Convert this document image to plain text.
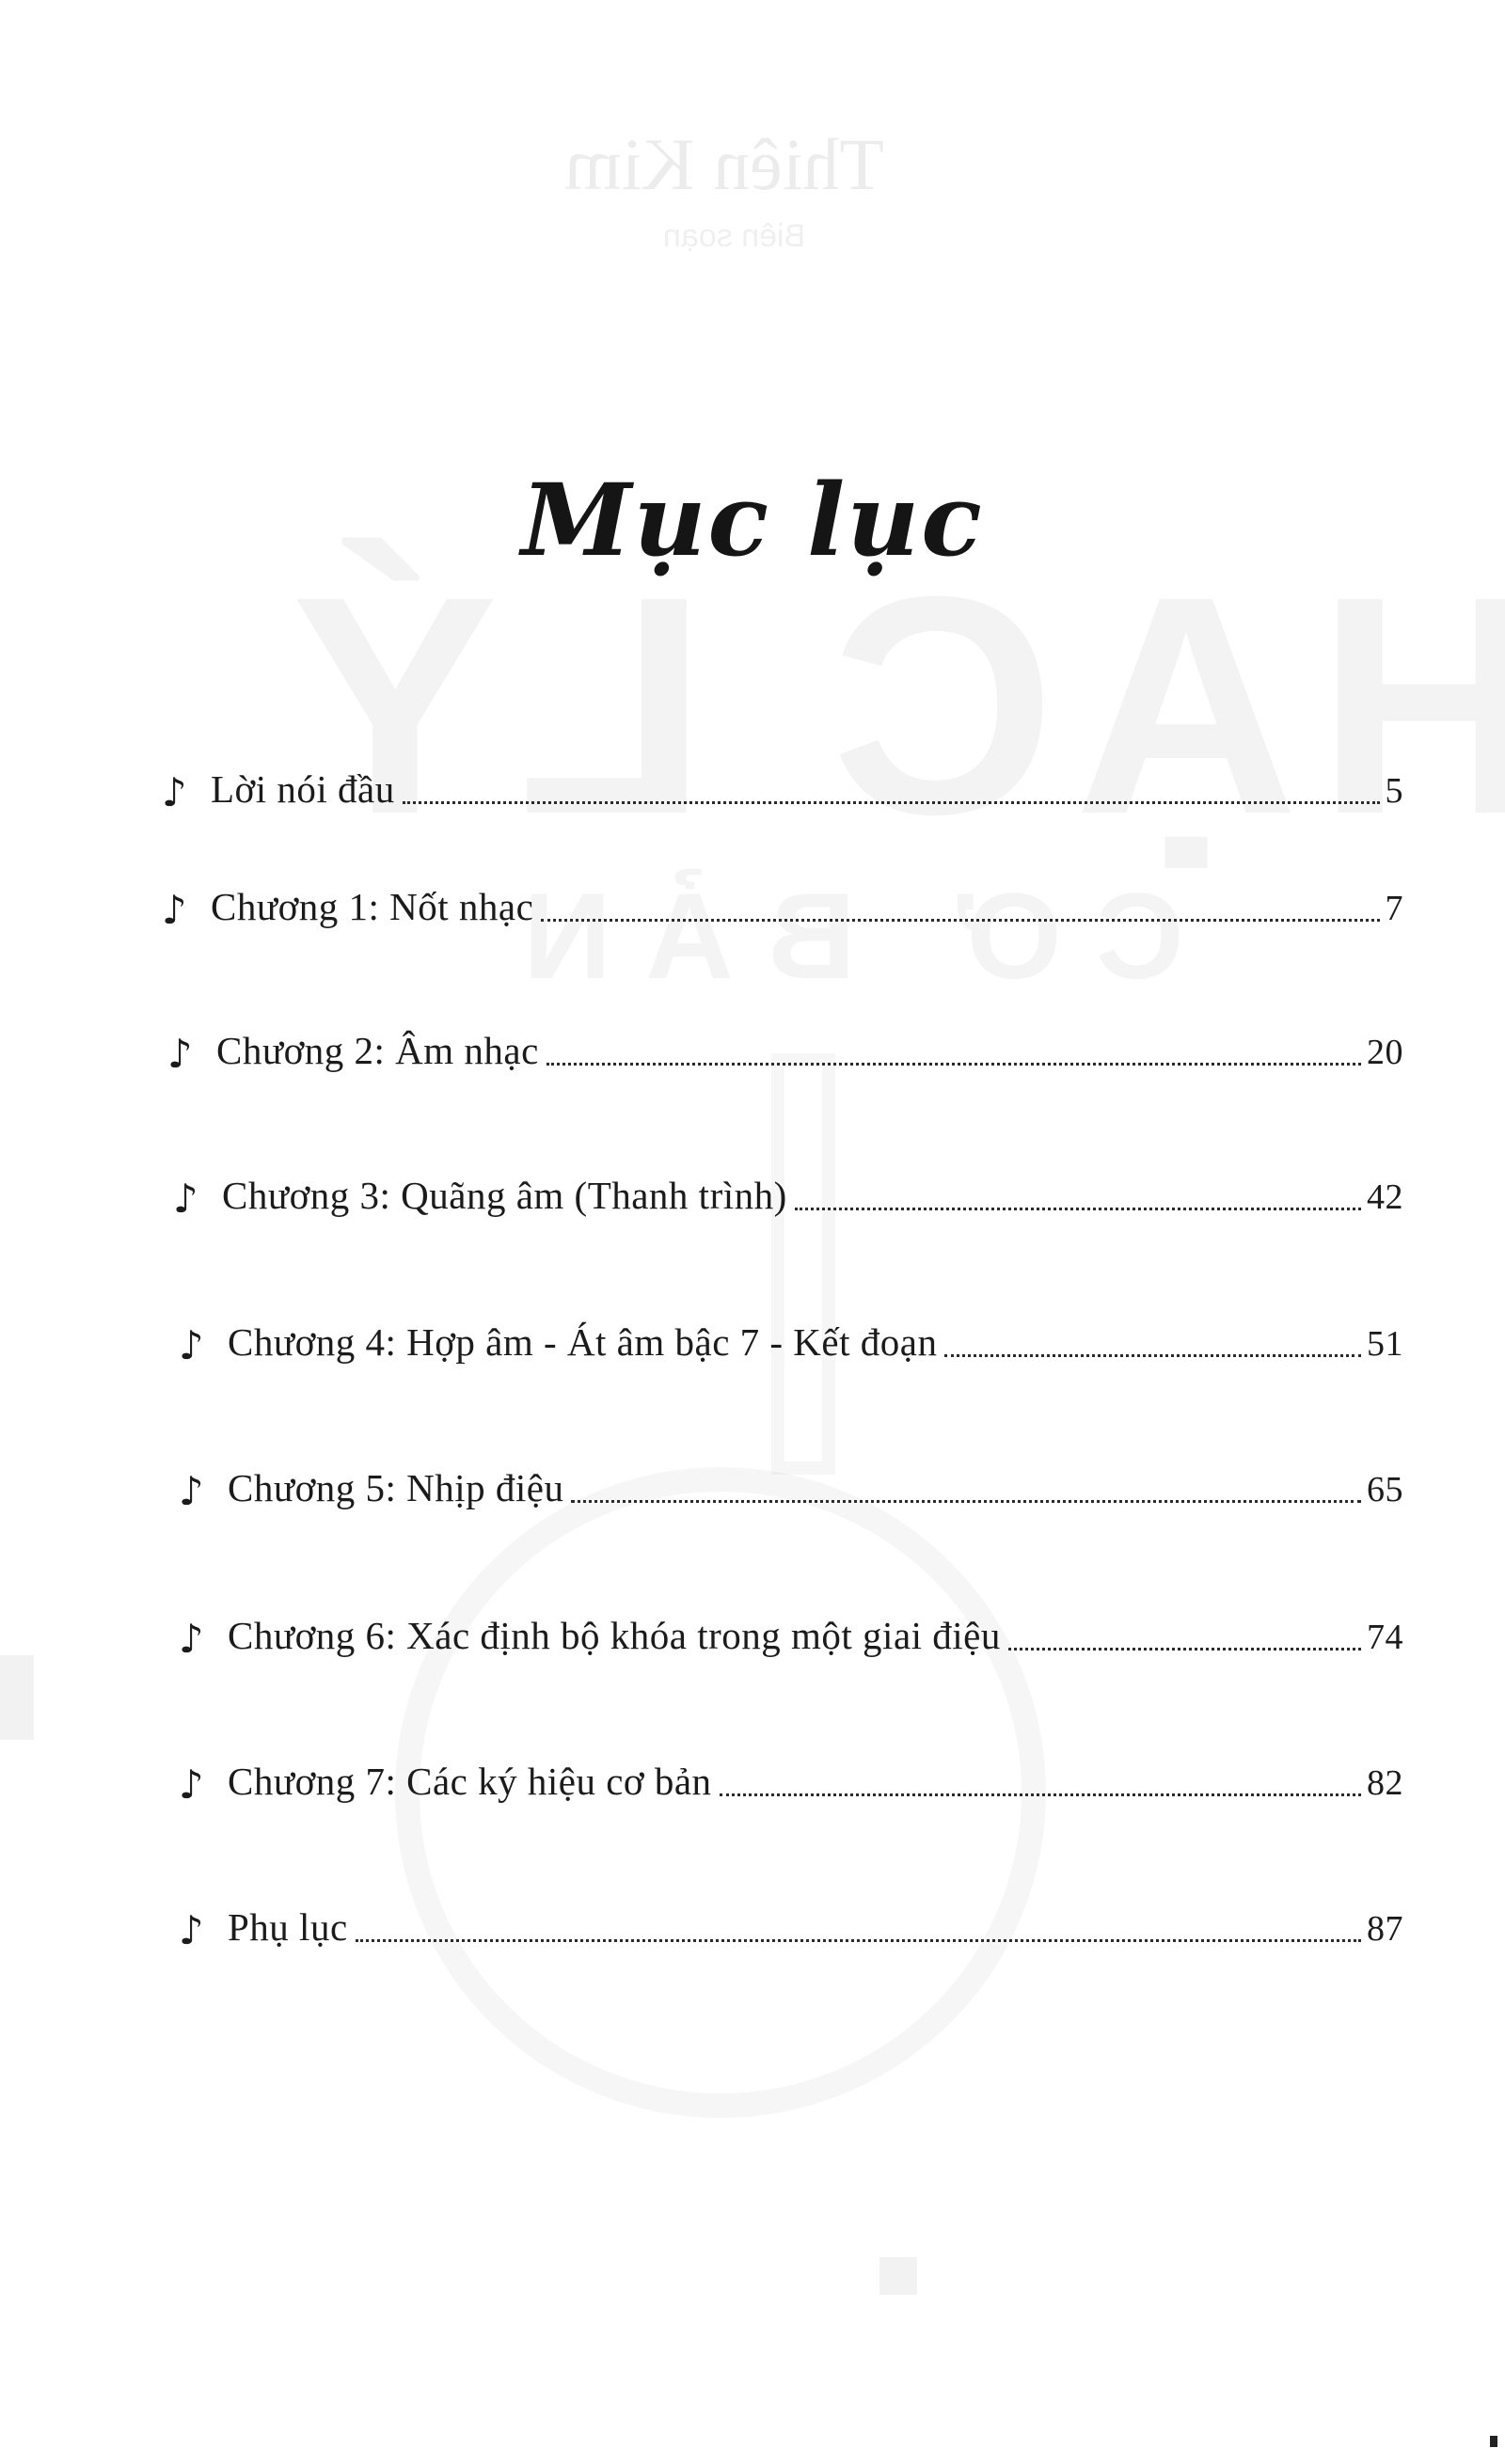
Thiên Kim
Biên soạn
Mục lục
♪ Lời nói đầu	5
♪ Chương 1: Nốt nhạc	7
♪ Chương 2: Âm nhạc	20
♪ Chương 3: Quãng âm (Thanh trình)	42
♪ Chương 4: Hợp âm - Át âm bậc 7 - Kết đoạn	51
♪ Chương 5: Nhịp điệu	65
♪ Chương 6: Xác định bộ khóa trong một giai điệu	74
♪ Chương 7: Các ký hiệu cơ bản	82
♪ Phụ lục	87
